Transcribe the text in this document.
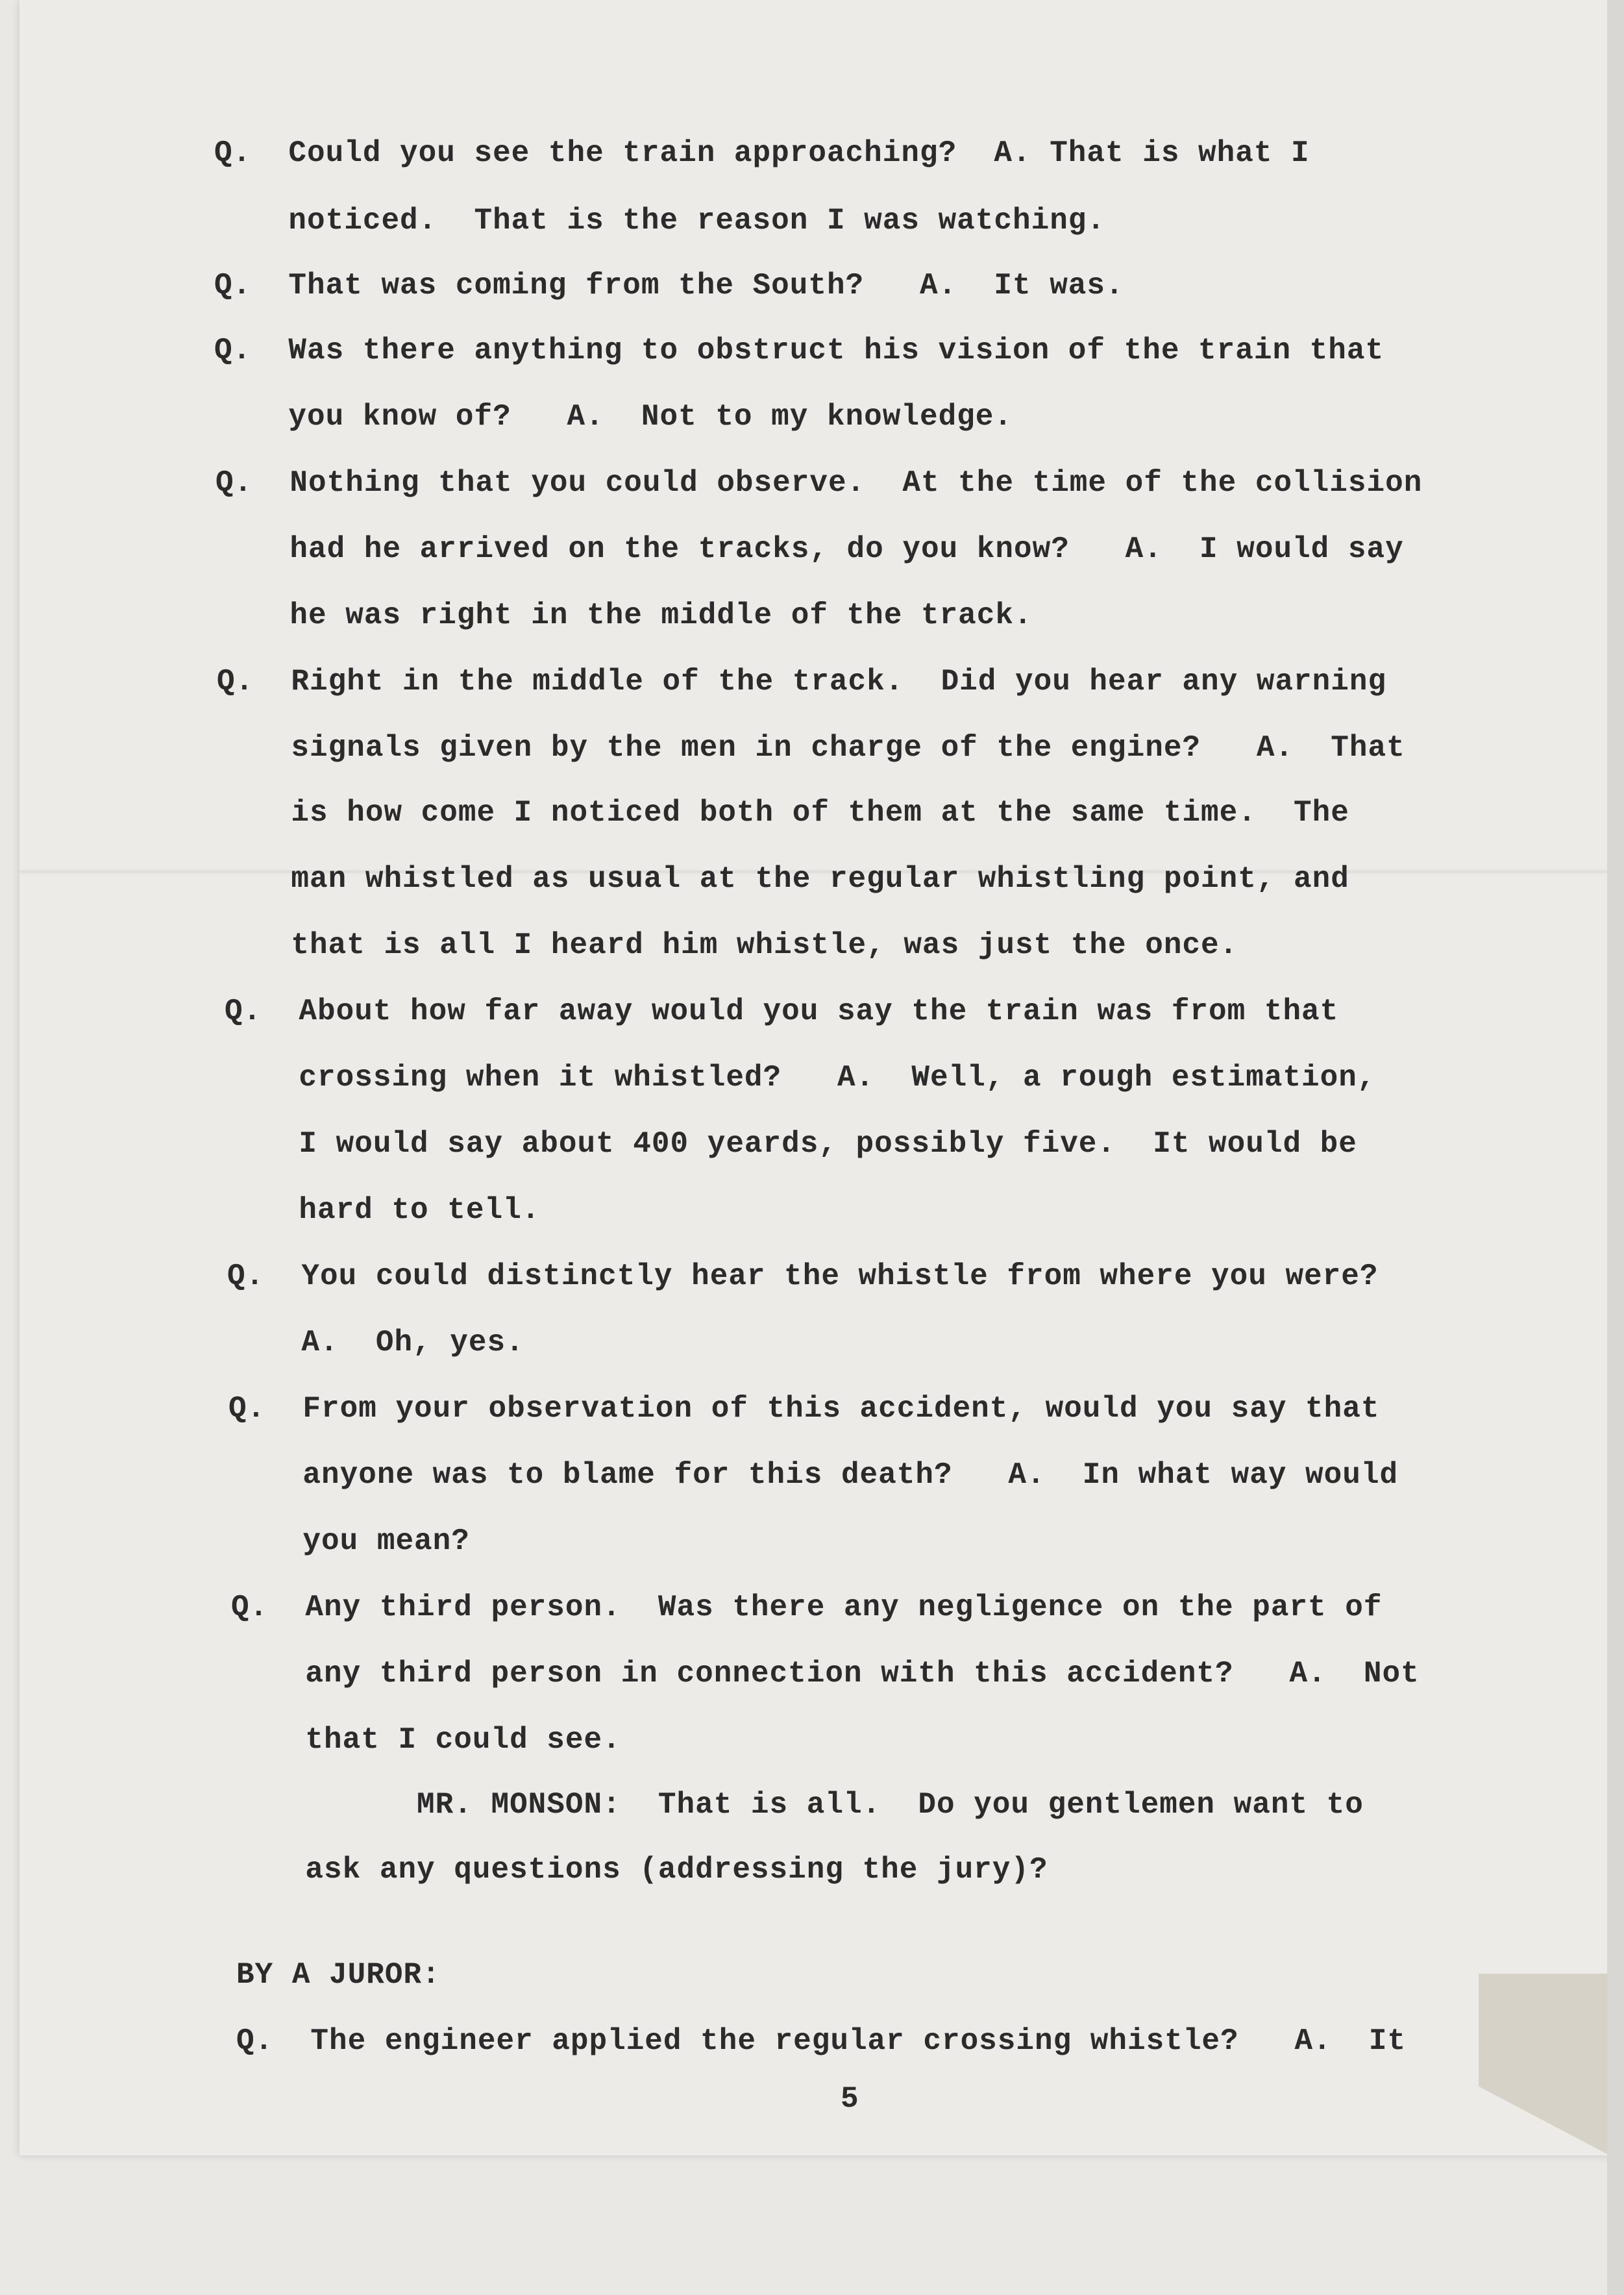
Q.  Could you see the train approaching?  A. That is what I
noticed.  That is the reason I was watching.
Q.  That was coming from the South?   A.  It was.
Q.  Was there anything to obstruct his vision of the train that
you know of?   A.  Not to my knowledge.
Q.  Nothing that you could observe.  At the time of the collision
had he arrived on the tracks, do you know?   A.  I would say
he was right in the middle of the track.
Q.  Right in the middle of the track.  Did you hear any warning
signals given by the men in charge of the engine?   A.  That
is how come I noticed both of them at the same time.  The
man whistled as usual at the regular whistling point, and
that is all I heard him whistle, was just the once.
Q.  About how far away would you say the train was from that
crossing when it whistled?   A.  Well, a rough estimation,
I would say about 400 yeards, possibly five.  It would be
hard to tell.
Q.  You could distinctly hear the whistle from where you were?
A.  Oh, yes.
Q.  From your observation of this accident, would you say that
anyone was to blame for this death?   A.  In what way would
you mean?
Q.  Any third person.  Was there any negligence on the part of
any third person in connection with this accident?   A.  Not
that I could see.
MR. MONSON:  That is all.  Do you gentlemen want to
ask any questions (addressing the jury)?
BY A JUROR:
Q.  The engineer applied the regular crossing whistle?   A.  It
5
